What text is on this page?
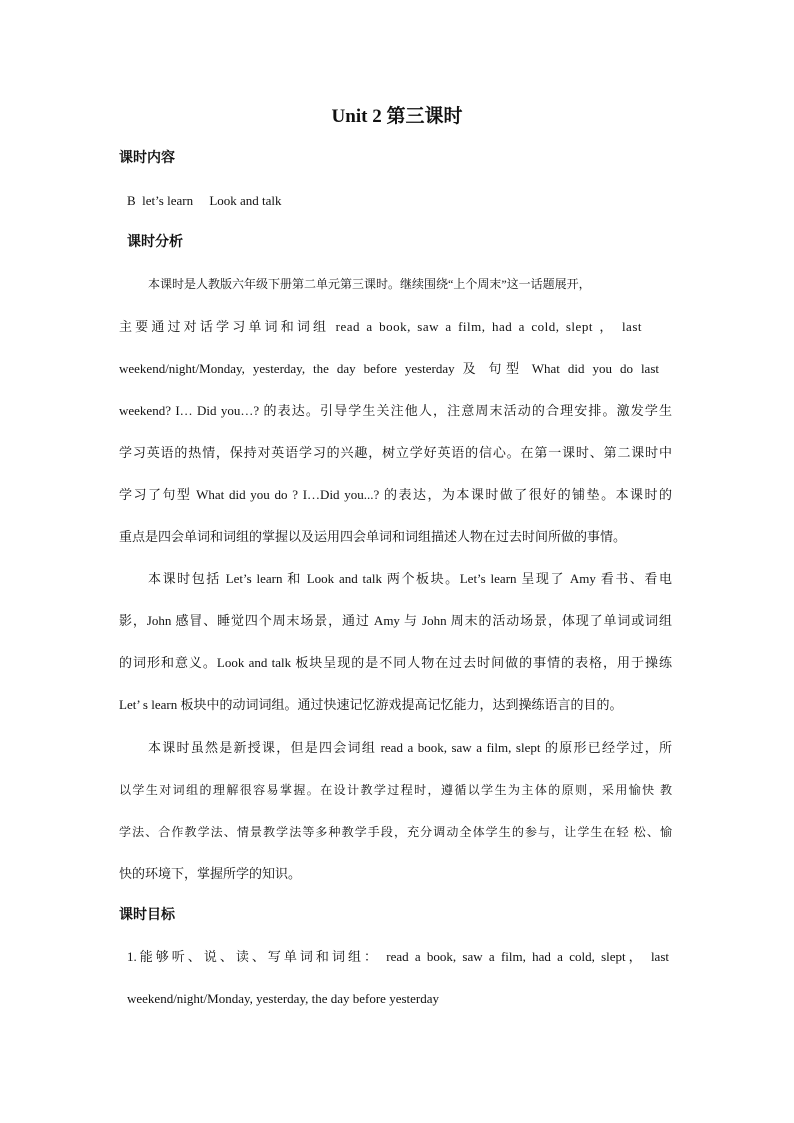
Unit 2 第三课时
课时内容
B  let’s learn     Look and talk
课时分析
本课时是人教版六年级下册第二单元第三课时。继续围绕“上个周末”这一话题展开，
主要通过对话学习单词和词组 read a book, saw a film, had a cold, slept ， last
weekend/night/Monday, yesterday, the day before yesterday 及 句型 What did you do last
weekend? I… Did you…? 的表达。引导学生关注他人，注意周末活动的合理安排。激发学生
学习英语的热情，保持对英语学习的兴趣，树立学好英语的信心。在第一课时、第二课时中
学习了句型 What did you do ? I…Did you...? 的表达，为本课时做了很好的铺垫。本课时的
重点是四会单词和词组的掌握以及运用四会单词和词组描述人物在过去时间所做的事情。
本课时包括 Let’s learn 和 Look and talk 两个板块。Let’s learn 呈现了 Amy 看书、看电
影，John 感冒、睡觉四个周末场景，通过 Amy 与 John 周末的活动场景，体现了单词或词组
的词形和意义。Look and talk 板块呈现的是不同人物在过去时间做的事情的表格，用于操练
Let’ s learn 板块中的动词词组。通过快速记忆游戏提高记忆能力，达到操练语言的目的。
本课时虽然是新授课，但是四会词组 read a book, saw a film, slept 的原形已经学过，所
以学生对词组的理解很容易掌握。在设计教学过程时，遵循以学生为主体的原则，采用愉快 教
学法、合作教学法、情景教学法等多种教学手段，充分调动全体学生的参与，让学生在轻 松、愉
快的环境下，掌握所学的知识。
课时目标
1.能够听、说、读、写单词和词组： read a book, saw a film, had a cold, slept， last
weekend/night/Monday, yesterday, the day before yesterday
